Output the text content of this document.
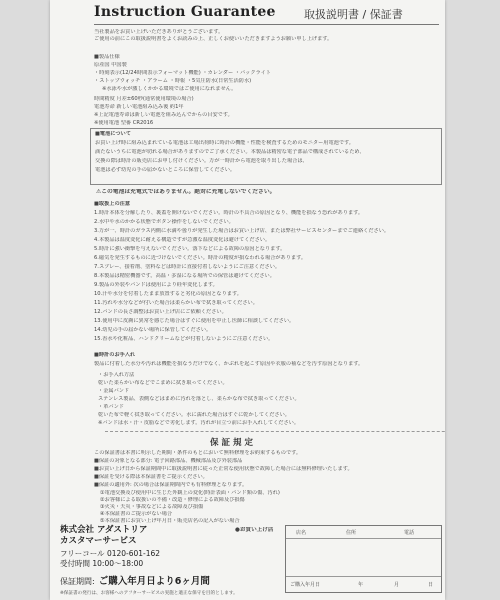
Instruction Guarantee	取扱説明書 / 保証書
当社製品をお買い上げいただきありがとうございます。
ご使用の前にこの取扱説明書をよくお読みの上、正しくお使いいただきますようお願い申し上げます。
■製品仕様
原産国 中国製
・時刻表示(12/24時間表示フォーマット機能) ・カレンダー ・バックライト
・ストップウォッチ ・アラーム ・時報 ・5気圧防水(日常生活防水)
※水泳や水が激しくかかる環境ではご使用になれません。
時間精度 月差±60秒(通常使用環境の場合)
電池寿命 新しい電池組み込み後 約1年
※上記電池寿命は新しい電池を組み込んでからの目安です。
※使用電池 型番 CR2016
■電池について
お買い上げ時に組み込まれている電池は工場出荷時に時計の機能・性能を検査するためのモニター用電池です。
満たないうちに電池が切れる場合がありますのでご了承ください。本製品は精密な電子部品で構成されているため、
交換の際は時計の販売店にお申し付けください。万が一時計から電池を取り出した場合は、
電池は必ず幼児の手の届かないところに保管してください。
⚠この電池は充電式ではありません。絶対に充電しないでください。
■取扱上の注意
1.時計本体を分解したり、裏蓋を開けないでください。時計の不具合の原因となり、機能を損なう恐れがあります。
2.水中や水のかかる状態でボタン操作をしないでください。
3.万が一、時計のガラス内側に水滴や曇りが発生した場合はお買い上げ店、または弊社サービスセンターまでご連絡ください。
4.本製品は温度変化に耐える構造ですが急激な温度変化は避けてください。
5.時計に強い衝撃を与えないでください。落下などによる故障の原因となります。
6.磁気を発生するものに近づけないでください。時計の精度が損なわれる場合があります。
7.スプレー、接着剤、塗料などは時計に直接付着しないようにご注意ください。
8.本製品は精密機器です。高温・多湿になる場所での保管は避けてください。
9.製品の外装やバンドは使用により経年変化します。
10.汗や水分を付着したまま放置すると劣化の原因となります。
11.汚れや水分などが付いた場合は柔らかい布で拭き取ってください。
12.バンドの長さ調整はお買い上げ店にご依頼ください。
13.使用中に皮膚に異常を感じた場合はすぐに使用を中止し医師に相談してください。
14.幼児の手の届かない場所に保管してください。
15.香水や化粧品、ハンドクリームなどが付着しないようにご注意ください。
■時計のお手入れ
製品に付着した水分や汚れは機能を損なうだけでなく、かぶれを起こす原因や衣服の袖などを汚す原因となります。
・お手入れ方法
乾いた柔らかい布などでこまめに拭き取ってください。
・金属バンド
ステンレス製品、表側などはまめに汚れを落とし、柔らかな布で拭き取ってください。
・革バンド
乾いた布で軽く拭き取ってください。水に濡れた場合はすぐに乾かしてください。
※バンドは水・汗・皮脂などで劣化します。汚れが目立つ前にお手入れしてください。
保証規定
この保証書は本書に明示した期間・条件のもとにおいて無料修理をお約束するものです。
■保証の対象となる部分: 電子回路部品、機械部品及び外装部品
■お買い上げ日から保証期間中に取扱説明書に従った正常な使用状態で故障した場合には無料修理いたします。
■保証を受ける際は本保証書をご提示ください。
■保証の適用外: 次の場合は保証期間内でも有料修理となります。
①電池交換及び使用中に生じた外観上の変化(時計表面・バンド類の傷、汚れ)
②お客様による取扱いの不備・改造・修理による故障及び損傷
③火災・天災・事故などによる故障及び損傷
④本保証書のご提示がない場合
⑤本保証書にお買い上げ年月日・販売店名の記入がない場合
株式会社 アダストリア
カスタマーサービス
フリーコール 0120-601-162
受付時間 10:00～18:00
保証期間: ご購入年月日より6ヶ月間
※保証書の発行は、お客様へのアフターサービスの実施と適正な保守を目的とします。
●お買い上げ店	店名	住所	電話
ご購入年月日	年	月	日
